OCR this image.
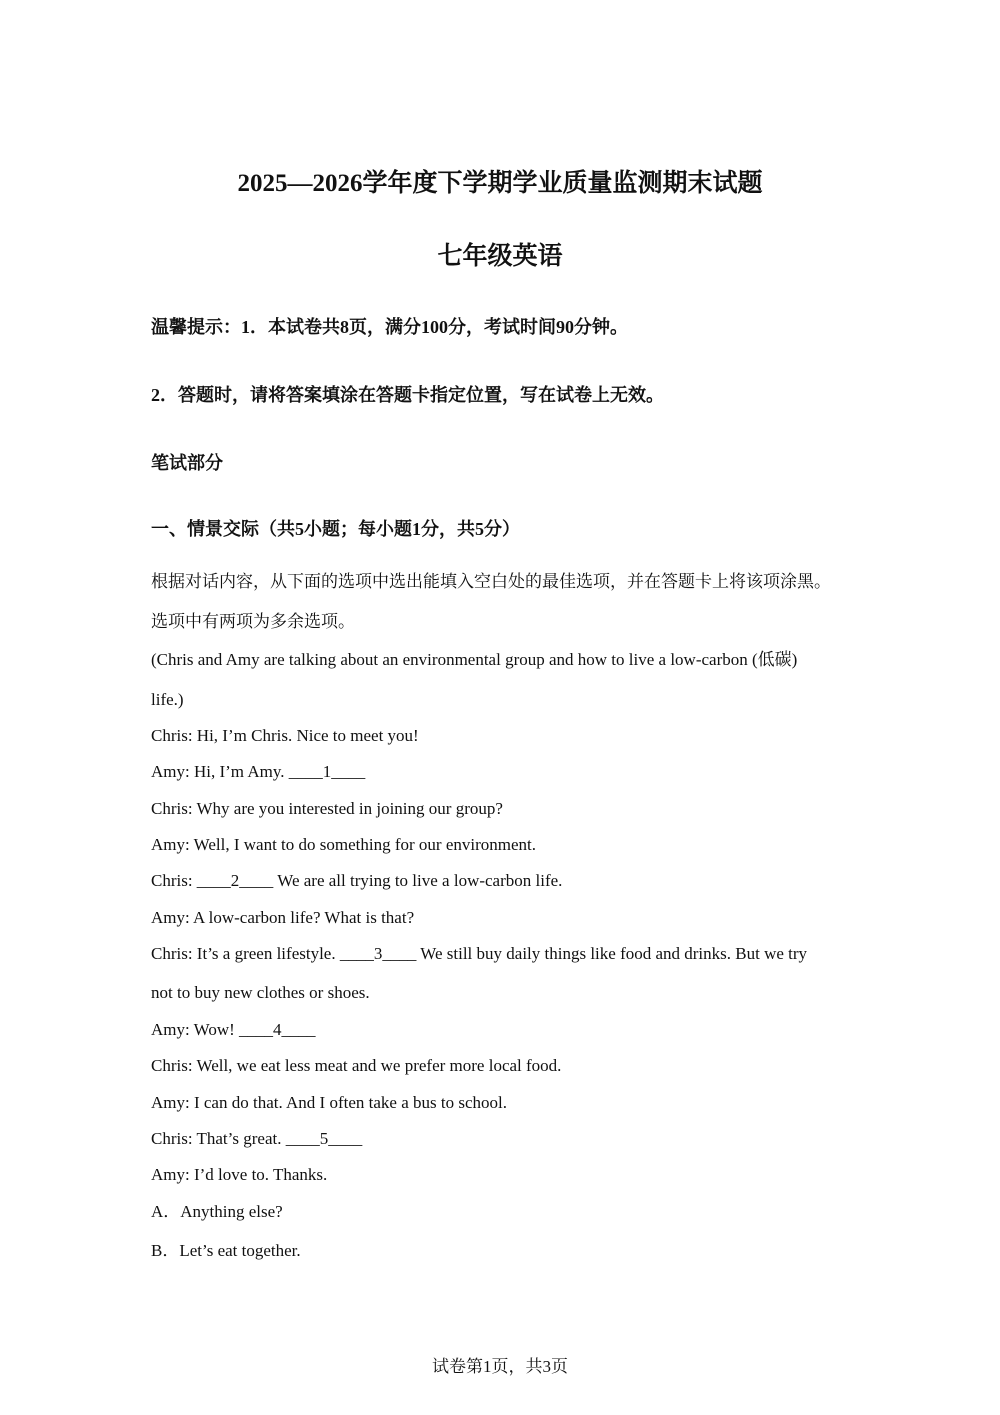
2025—2026学年度下学期学业质量监测期末试题
七年级英语
温馨提示：1．本试卷共8页，满分100分，考试时间90分钟。
2．答题时，请将答案填涂在答题卡指定位置，写在试卷上无效。
笔试部分
一、情景交际（共5小题；每小题1分，共5分）
根据对话内容，从下面的选项中选出能填入空白处的最佳选项，并在答题卡上将该项涂黑。
选项中有两项为多余选项。
(Chris and Amy are talking about an environmental group and how to live a low-carbon (低碳)
life.)
Chris: Hi, I’m Chris. Nice to meet you!
Amy: Hi, I’m Amy. ____1____
Chris: Why are you interested in joining our group?
Amy: Well, I want to do something for our environment.
Chris: ____2____ We are all trying to live a low-carbon life.
Amy: A low-carbon life? What is that?
Chris: It’s a green lifestyle. ____3____ We still buy daily things like food and drinks. But we try
not to buy new clothes or shoes.
Amy: Wow! ____4____
Chris: Well, we eat less meat and we prefer more local food.
Amy: I can do that. And I often take a bus to school.
Chris: That’s great. ____5____
Amy: I’d love to. Thanks.
A．Anything else?
B．Let’s eat together.
试卷第1页，共3页
